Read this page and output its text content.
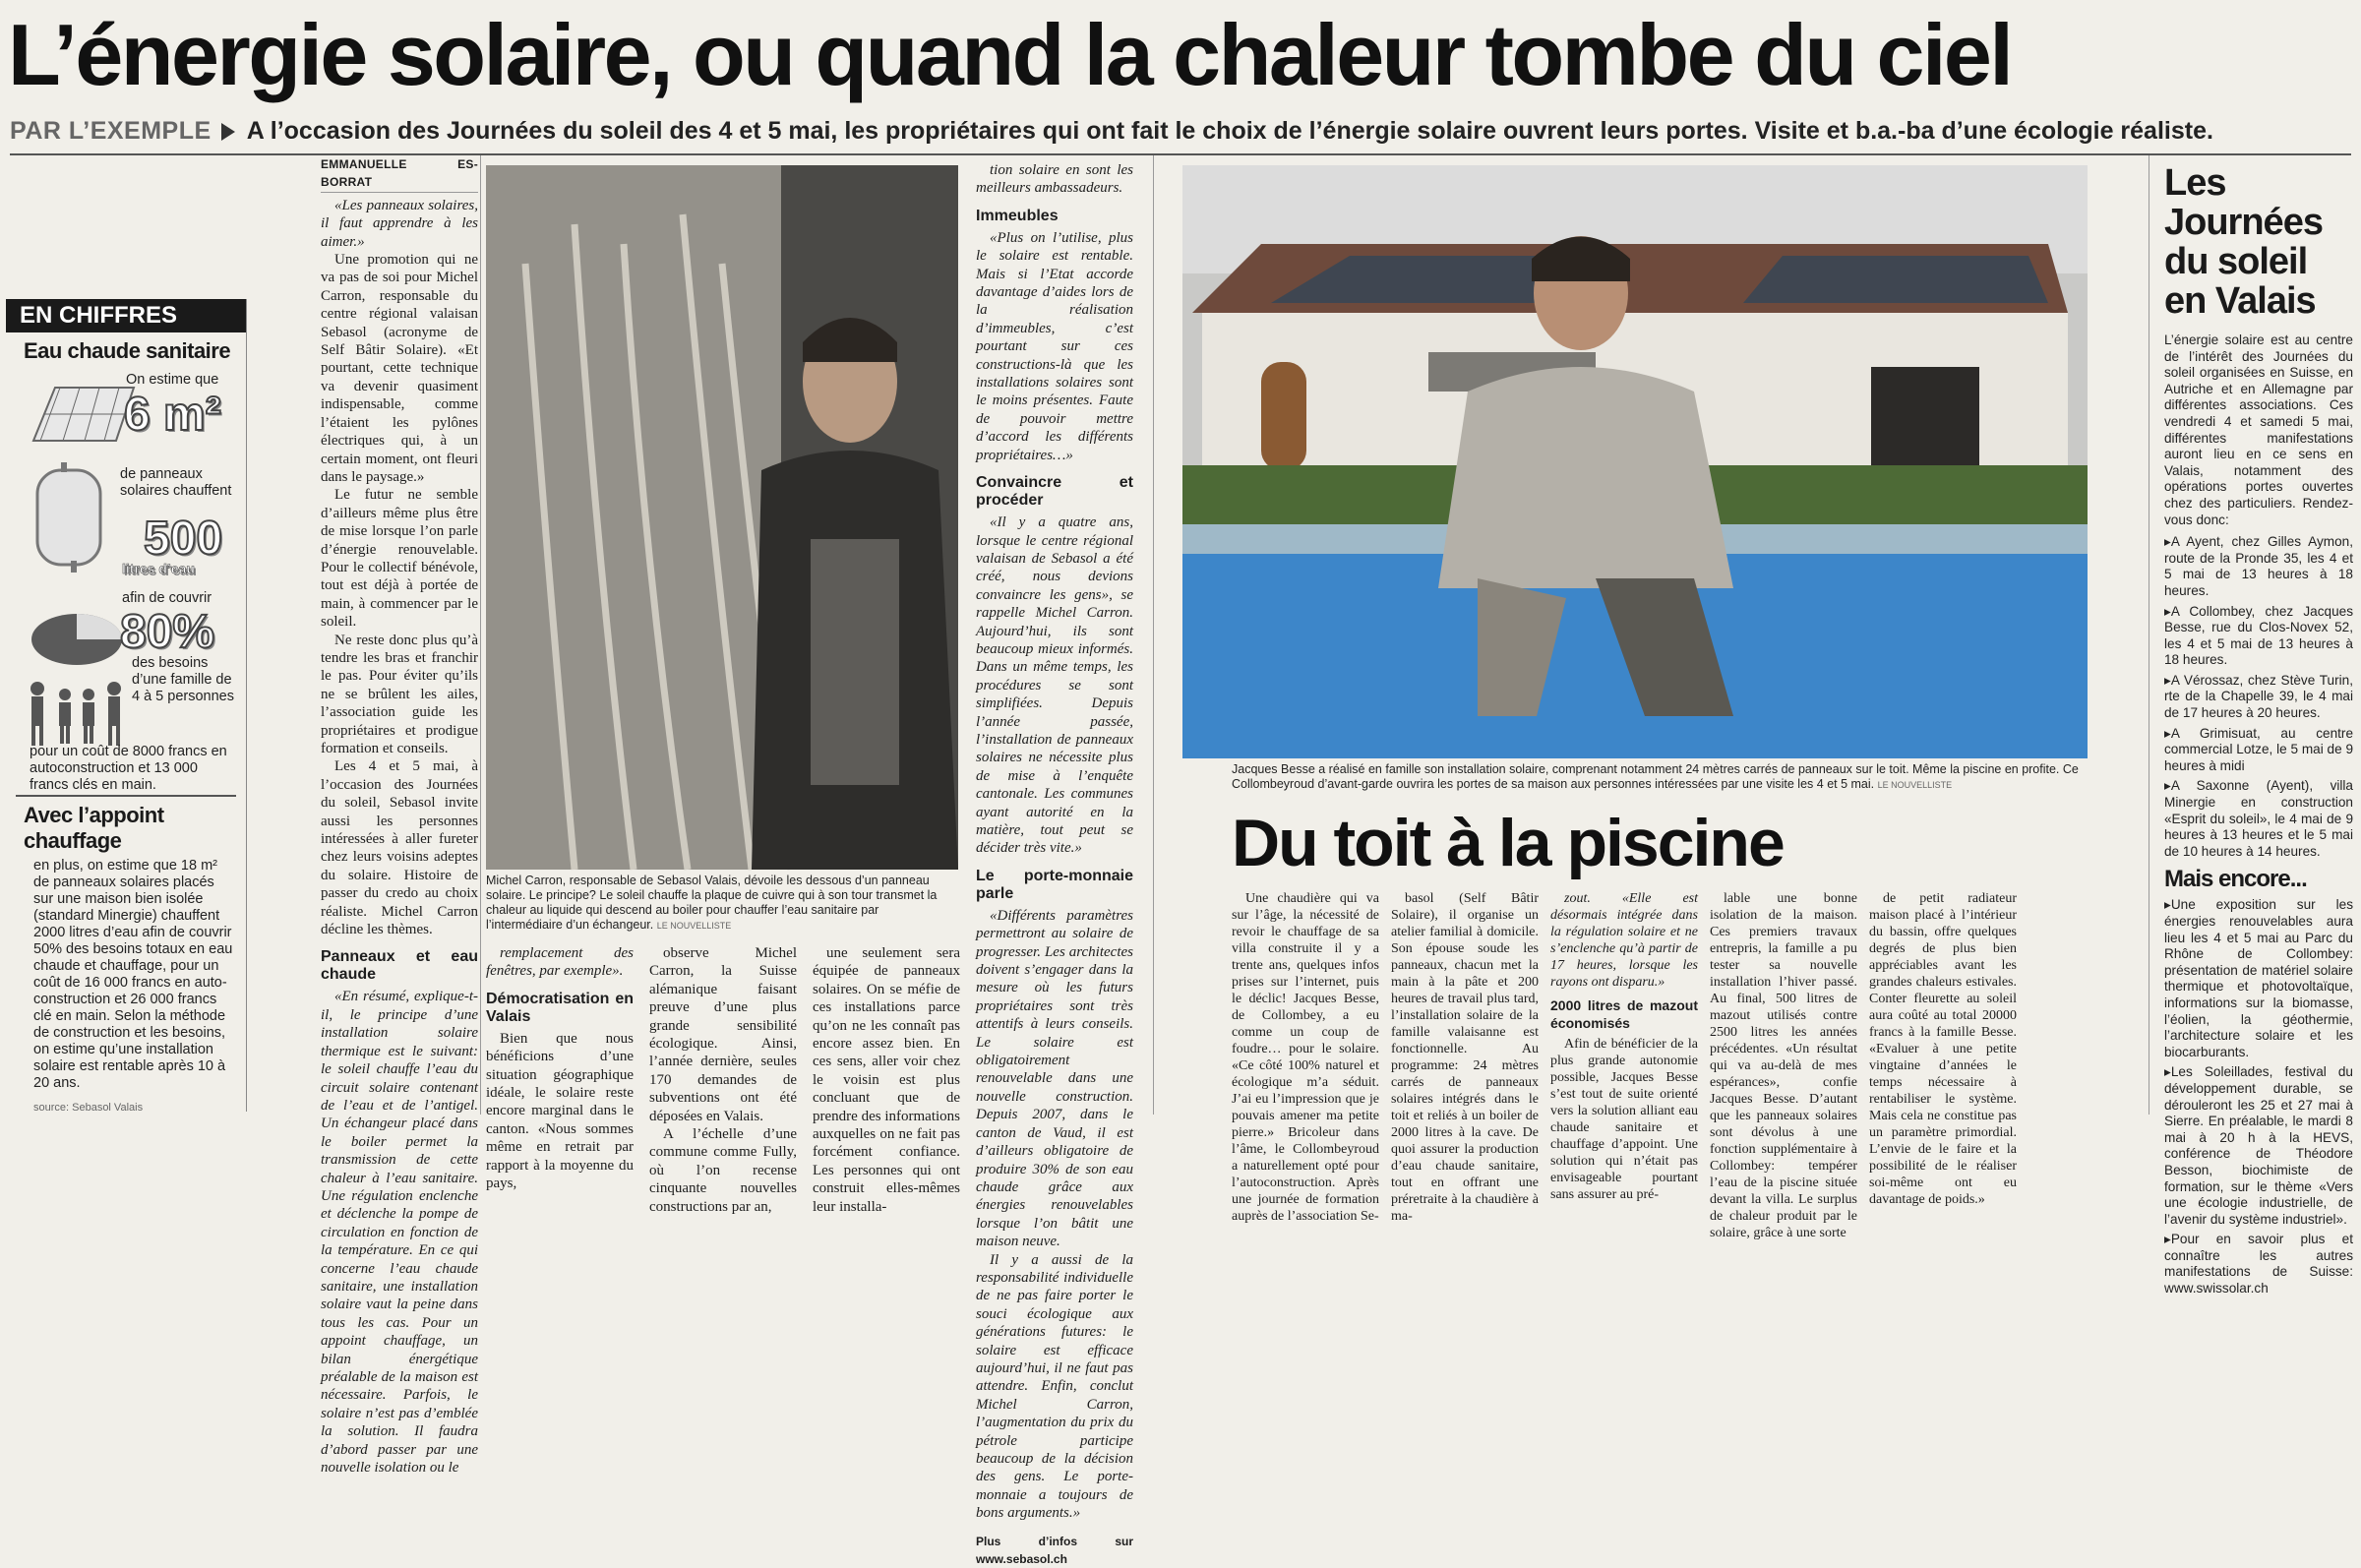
L’énergie solaire, ou quand la chaleur tombe du ciel
PAR L’EXEMPLE A l’occasion des Journées du soleil des 4 et 5 mai, les propriétaires qui ont fait le choix de l’énergie solaire ouvrent leurs portes. Visite et b.a.-ba d’une écologie réaliste.
EN CHIFFRES
Eau chaude sanitaire
On estime que
6 m²
de panneaux solaires chauffent
500
litres d’eau
afin de couvrir
80%
des besoins d’une famille de 4 à 5 personnes
pour un coût de 8000 francs en autoconstruction et 13 000 francs clés en main.
Avec l’appoint chauffage
en plus, on estime que 18 m² de panneaux solaires placés sur une maison bien isolée (standard Minergie) chauffent 2000 litres d’eau afin de couvrir 50% des besoins totaux en eau chaude et chauffage, pour un coût de 16 000 francs en auto-construction et 26 000 francs clé en main. Selon la méthode de construction et les besoins, on estime qu’une installation solaire est rentable après 10 à 20 ans.
source: Sebasol Valais
EMMANUELLE ES-BORRAT

«Les panneaux solaires, il faut apprendre à les aimer.»

Une promotion qui ne va pas de soi pour Michel Carron, responsable du centre régional valaisan Sebasol (acronyme de Self Bâtir Solaire). «Et pourtant, cette technique va devenir quasiment indispensable, comme l’étaient les pylônes électriques qui, à un certain moment, ont fleuri dans le paysage.»

Le futur ne semble d’ailleurs même plus être de mise lorsque l’on parle d’énergie renouvelable. Pour le collectif bénévole, tout est déjà à portée de main, à commencer par le soleil.

Ne reste donc plus qu’à tendre les bras et franchir le pas. Pour éviter qu’ils ne se brûlent les ailes, l’association guide les propriétaires et prodigue formation et conseils.

Les 4 et 5 mai, à l’occasion des Journées du soleil, Sebasol invite aussi les personnes intéressées à aller fureter chez leurs voisins adeptes du solaire. Histoire de passer du credo au choix réaliste. Michel Carron décline les thèmes.

Panneaux et eau chaude

«En résumé, explique-t-il, le principe d’une installation solaire thermique est le suivant: le soleil chauffe l’eau du circuit solaire contenant de l’eau et de l’antigel. Un échangeur placé dans le boiler permet la transmission de cette chaleur à l’eau sanitaire. Une régulation enclenche et déclenche la pompe de circulation en fonction de la température. En ce qui concerne l’eau chaude sanitaire, une installation solaire vaut la peine dans tous les cas. Pour un appoint chauffage, un bilan énergétique préalable de la maison est nécessaire. Parfois, le solaire n’est pas d’emblée la solution. Il faudra d’abord passer par une nouvelle isolation ou le

Michel Carron, responsable de Sebasol Valais, dévoile les dessous d’un panneau solaire. Le principe? Le soleil chauffe la plaque de cuivre qui à son tour transmet la chaleur au liquide qui descend au boiler pour chauffer l’eau sanitaire par l’intermédiaire d’un échangeur. LE NOUVELLISTE

tion solaire en sont les meilleurs ambassadeurs.

Immeubles

«Plus on l’utilise, plus le solaire est rentable. Mais si l’Etat accorde davantage d’aides lors de la réalisation d’immeubles, c’est pourtant sur ces constructions-là que les installations solaires sont le moins présentes. Faute de pouvoir mettre d’accord les différents propriétaires…»

Convaincre et procéder

«Il y a quatre ans, lorsque le centre régional valaisan de Sebasol a été créé, nous devions convaincre les gens», se rappelle Michel Carron. Aujourd’hui, ils sont beaucoup mieux informés. Dans un même temps, les procédures se sont simplifiées. Depuis l’année passée, l’installation de panneaux solaires ne nécessite plus de mise à l’enquête cantonale. Les communes ayant autorité en la matière, tout peut se décider très vite.»

Le porte-monnaie parle

«Différents paramètres permettront au solaire de progresser. Les architectes doivent s’engager dans la mesure où les futurs propriétaires sont très attentifs à leurs conseils. Le solaire est obligatoirement renouvelable dans une nouvelle construction. Depuis 2007, dans le canton de Vaud, il est d’ailleurs obligatoire de produire 30% de son eau chaude grâce aux énergies renouvelables lorsque l’on bâtit une maison neuve.

Il y a aussi de la responsabilité individuelle de ne pas faire porter le souci écologique aux générations futures: le solaire est efficace aujourd’hui, il ne faut pas attendre. Enfin, conclut Michel Carron, l’augmentation du prix du pétrole participe beaucoup de la décision des gens. Le porte-monnaie a toujours de bons arguments.»

Plus d’infos sur www.sebasol.ch

remplacement des fenêtres, par exemple».

Démocratisation en Valais

Bien que nous bénéficions d’une situation géographique idéale, le solaire reste encore marginal dans le canton. «Nous sommes même en retrait par rapport à la moyenne du pays,

observe Michel Carron, la Suisse alémanique faisant preuve d’une plus grande sensibilité écologique. Ainsi, l’année dernière, seules 170 demandes de subventions ont été déposées en Valais.

A l’échelle d’une commune comme Fully, où l’on recense cinquante nouvelles constructions par an,

une seulement sera équipée de panneaux solaires. On se méfie de ces installations parce qu’on ne les connaît pas encore assez bien. En ces sens, aller voir chez le voisin est plus concluant que de prendre des informations auxquelles on ne fait pas forcément confiance. Les personnes qui ont construit elles-mêmes leur installa-

Jacques Besse a réalisé en famille son installation solaire, comprenant notamment 24 mètres carrés de panneaux sur le toit. Même la piscine en profite. Ce Collombeyroud d’avant-garde ouvrira les portes de sa maison aux personnes intéressées par une visite les 4 et 5 mai. LE NOUVELLISTE
Du toit à la piscine

Une chaudière qui va sur l’âge, la nécessité de revoir le chauffage de sa villa construite il y a trente ans, quelques infos prises sur l’internet, puis le déclic! Jacques Besse, de Collombey, a eu comme un coup de foudre… pour le solaire. «Ce côté 100% naturel et écologique m’a séduit. J’ai eu l’impression que je pouvais amener ma petite pierre.» Bricoleur dans l’âme, le Collombeyroud a naturellement opté pour l’autoconstruction. Après une journée de formation auprès de l’association Se-

basol (Self Bâtir Solaire), il organise un atelier familial à domicile. Son épouse soude les panneaux, chacun met la main à la pâte et 200 heures de travail plus tard, l’installation solaire de la famille valaisanne est fonctionnelle. Au programme: 24 mètres carrés de panneaux solaires intégrés dans le toit et reliés à un boiler de 2000 litres à la cave. De quoi assurer la production d’eau chaude sanitaire, tout en offrant une préretraite à la chaudière à ma-

zout. «Elle est désormais intégrée dans la régulation solaire et ne s’enclenche qu’à partir de 17 heures, lorsque les rayons ont disparu.»

2000 litres de mazout économisés

Afin de bénéficier de la plus grande autonomie possible, Jacques Besse s’est tout de suite orienté vers la solution alliant eau chaude sanitaire et chauffage d’appoint. Une solution qui n’était pas envisageable pourtant sans assurer au pré-

lable une bonne isolation de la maison. Ces premiers travaux entrepris, la famille a pu tester sa nouvelle installation l’hiver passé. Au final, 500 litres de mazout utilisés contre 2500 litres les années précédentes. «Un résultat qui va au-delà de mes espérances», confie Jacques Besse. D’autant que les panneaux solaires sont dévolus à une fonction supplémentaire à Collombey: tempérer l’eau de la piscine située devant la villa. Le surplus de chaleur produit par le solaire, grâce à une sorte

de petit radiateur maison placé à l’intérieur du bassin, offre quelques degrés de plus bien appréciables avant les grandes chaleurs estivales. Conter fleurette au soleil aura coûté au total 20000 francs à la famille Besse. «Evaluer à une petite vingtaine d’années le temps nécessaire à rentabiliser le système. Mais cela ne constitue pas un paramètre primordial. L’envie de le faire et la possibilité de le réaliser soi-même ont eu davantage de poids.»

Les Journées du soleil en Valais
L’énergie solaire est au centre de l’intérêt des Journées du soleil organisées en Suisse, en Autriche et en Allemagne par différentes associations. Ces vendredi 4 et samedi 5 mai, différentes manifestations auront lieu en ce sens en Valais, notamment des opérations portes ouvertes chez des particuliers. Rendez-vous donc:
▸ A Ayent, chez Gilles Aymon, route de la Pronde 35, les 4 et 5 mai de 13 heures à 18 heures.
▸ A Collombey, chez Jacques Besse, rue du Clos-Novex 52, les 4 et 5 mai de 13 heures à 18 heures.
▸ A Vérossaz, chez Stève Turin, rte de la Chapelle 39, le 4 mai de 17 heures à 20 heures.
▸ A Grimisuat, au centre commercial Lotze, le 5 mai de 9 heures à midi
▸ A Saxonne (Ayent), villa Minergie en construction «Esprit du soleil», le 4 mai de 9 heures à 13 heures et le 5 mai de 10 heures à 14 heures.
Mais encore...
▸ Une exposition sur les énergies renouvelables aura lieu les 4 et 5 mai au Parc du Rhône de Collombey: présentation de matériel solaire thermique et photovoltaïque, informations sur la biomasse, l’éolien, la géothermie, l’architecture solaire et les biocarburants.
▸ Les Soleillades, festival du développement durable, se dérouleront les 25 et 27 mai à Sierre. En préalable, le mardi 8 mai à 20 h à la HEVS, conférence de Théodore Besson, biochimiste de formation, sur le thème «Vers une écologie industrielle, de l’avenir du système industriel».
▸ Pour en savoir plus et connaître les autres manifestations de Suisse: www.swissolar.ch
